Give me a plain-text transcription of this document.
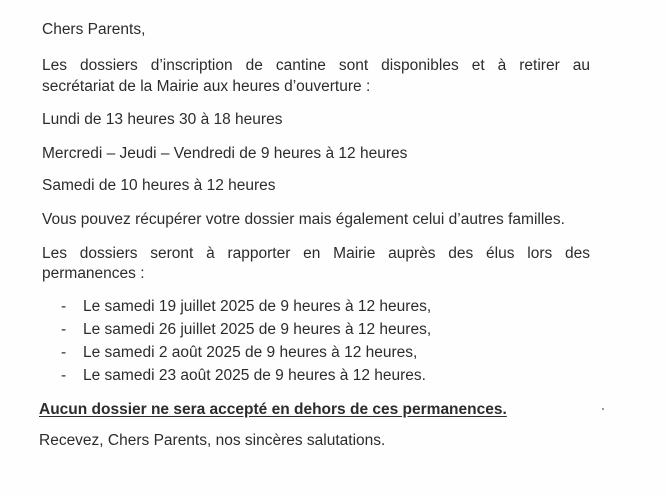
Chers Parents,
Les dossiers d’inscription de cantine sont disponibles et à retirer au
secrétariat de la Mairie aux heures d’ouverture :
Lundi de 13 heures 30 à 18 heures
Mercredi – Jeudi – Vendredi de 9 heures à 12 heures
Samedi de 10 heures à 12 heures
Vous pouvez récupérer votre dossier mais également celui d’autres familles.
Les dossiers seront à rapporter en Mairie auprès des élus lors des
permanences :
- Le samedi 19 juillet 2025 de 9 heures à 12 heures,
- Le samedi 26 juillet 2025 de 9 heures à 12 heures,
- Le samedi 2 août 2025 de 9 heures à 12 heures,
- Le samedi 23 août 2025 de 9 heures à 12 heures.
Aucun dossier ne sera accepté en dehors de ces permanences.
Recevez, Chers Parents, nos sincères salutations.
